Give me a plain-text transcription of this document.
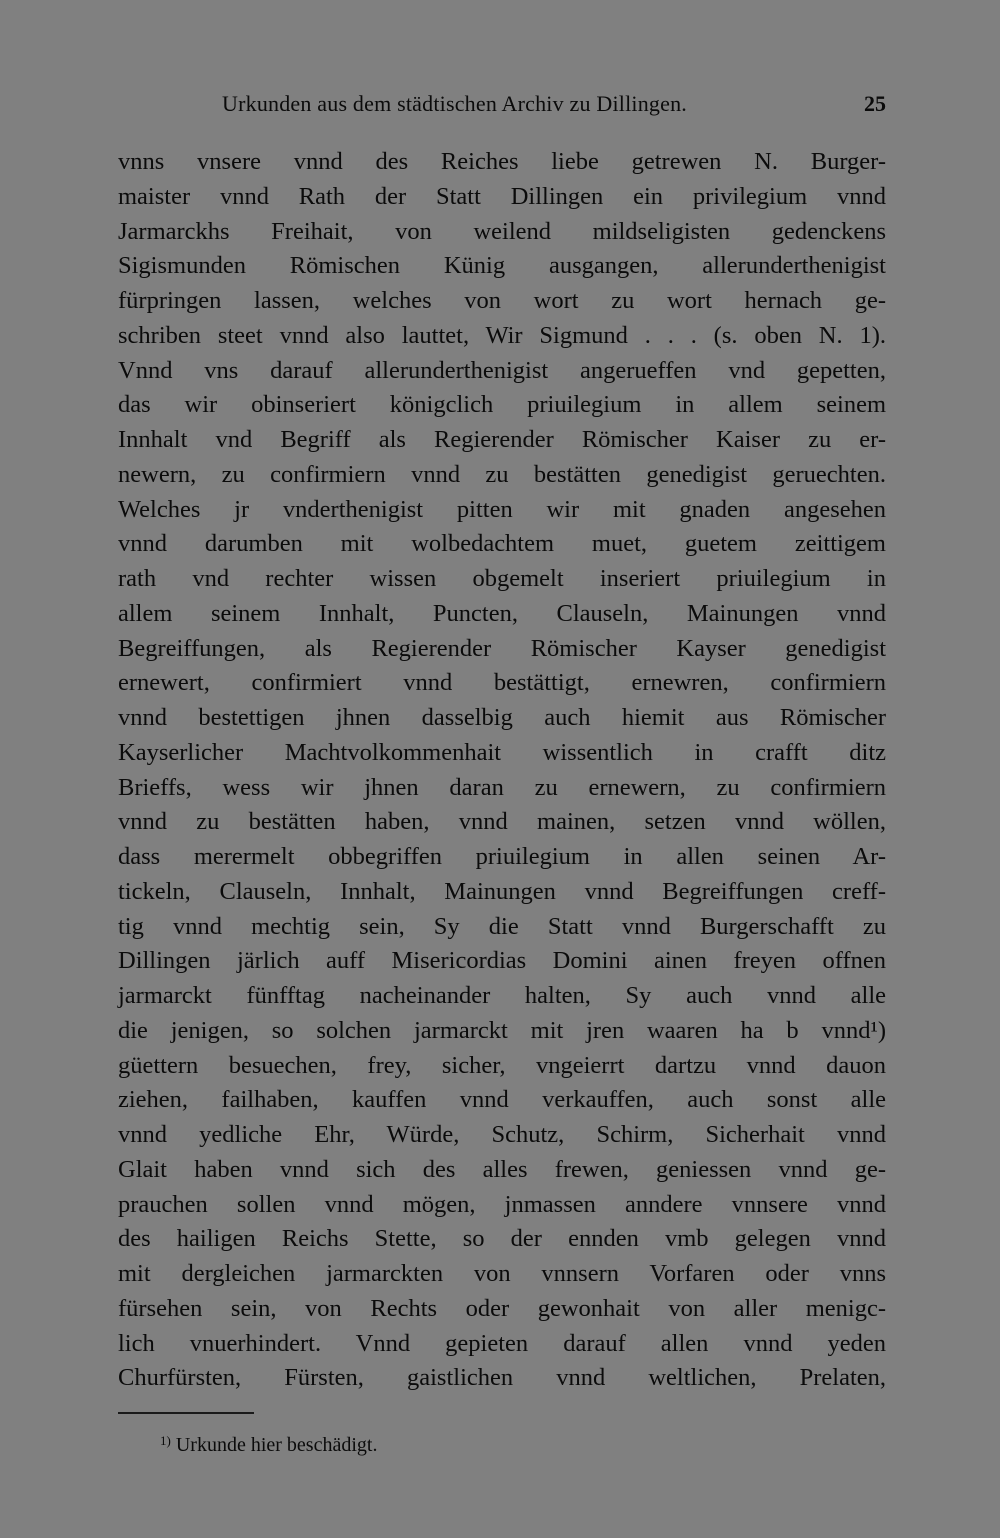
Urkunden aus dem städtischen Archiv zu Dillingen.	25
vnns vnsere vnnd des Reiches liebe getrewen N. Burger-
maister vnnd Rath der Statt Dillingen ein privilegium vnnd
Jarmarckhs Freihait, von weilend mildseligisten gedenckens
Sigismunden Römischen Künig ausgangen, allerunderthenigist
fürpringen lassen, welches von wort zu wort hernach ge-
schriben steet vnnd also lauttet, Wir Sigmund . . . (s. oben N. 1).
Vnnd vns darauf allerunderthenigist angerueffen vnd gepetten,
das wir obinseriert königclich priuilegium in allem seinem
Innhalt vnd Begriff als Regierender Römischer Kaiser zu er-
newern, zu confirmiern vnnd zu bestätten genedigist geruechten.
Welches jr vnderthenigist pitten wir mit gnaden angesehen
vnnd darumben mit wolbedachtem muet, guetem zeittigem
rath vnd rechter wissen obgemelt inseriert priuilegium in
allem seinem Innhalt, Puncten, Clauseln, Mainungen vnnd
Begreiffungen, als Regierender Römischer Kayser genedigist
ernewert, confirmiert vnnd bestättigt, ernewren, confirmiern
vnnd bestettigen jhnen dasselbig auch hiemit aus Römischer
Kayserlicher Machtvolkommenhait wissentlich in crafft ditz
Brieffs, wess wir jhnen daran zu ernewern, zu confirmiern
vnnd zu bestätten haben, vnnd mainen, setzen vnnd wöllen,
dass merermelt obbegriffen priuilegium in allen seinen Ar-
tickeln, Clauseln, Innhalt, Mainungen vnnd Begreiffungen creff-
tig vnnd mechtig sein, Sy die Statt vnnd Burgerschafft zu
Dillingen järlich auff Misericordias Domini ainen freyen offnen
jarmarckt fünfftag nacheinander halten, Sy auch vnnd alle
die jenigen, so solchen jarmarckt mit jren waaren ha b vnnd¹)
güettern besuechen, frey, sicher, vngeierrt dartzu vnnd dauon
ziehen, failhaben, kauffen vnnd verkauffen, auch sonst alle
vnnd yedliche Ehr, Würde, Schutz, Schirm, Sicherhait vnnd
Glait haben vnnd sich des alles frewen, geniessen vnnd ge-
prauchen sollen vnnd mögen, jnmassen anndere vnnsere vnnd
des hailigen Reichs Stette, so der ennden vmb gelegen vnnd
mit dergleichen jarmarckten von vnnsern Vorfaren oder vnns
fürsehen sein, von Rechts oder gewonhait von aller menigc-
lich vnuerhindert. Vnnd gepieten darauf allen vnnd yeden
Churfürsten, Fürsten, gaistlichen vnnd weltlichen, Prelaten,
$^{1)}$ Urkunde hier beschädigt.
